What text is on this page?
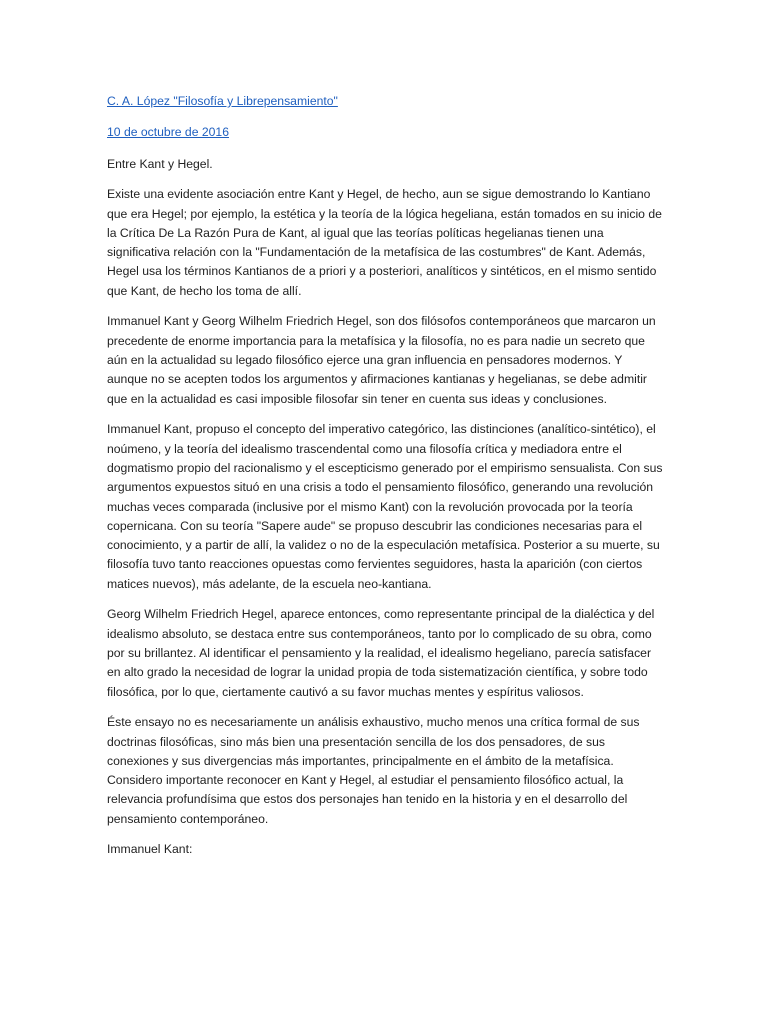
C. A. López "Filosofía y Librepensamiento"
10 de octubre de 2016

Entre Kant y Hegel.

Existe una evidente asociación entre Kant y Hegel, de hecho, aun se sigue demostrando lo Kantiano que era Hegel; por ejemplo, la estética y la teoría de la lógica hegeliana, están tomados en su inicio de la Crítica De La Razón Pura de Kant, al igual que las teorías políticas hegelianas tienen una significativa relación con la "Fundamentación de la metafísica de las costumbres" de Kant. Además, Hegel usa los términos Kantianos de a priori y a posteriori, analíticos y sintéticos, en el mismo sentido que Kant, de hecho los toma de allí.

Immanuel Kant y Georg Wilhelm Friedrich Hegel, son dos filósofos contemporáneos que marcaron un precedente de enorme importancia para la metafísica y la filosofía, no es para nadie un secreto que aún en la actualidad su legado filosófico ejerce una gran influencia en pensadores modernos. Y aunque no se acepten todos los argumentos y afirmaciones kantianas y hegelianas, se debe admitir que en la actualidad es casi imposible filosofar sin tener en cuenta sus ideas y conclusiones.

Immanuel Kant, propuso el concepto del imperativo categórico, las distinciones (analítico-sintético), el noúmeno, y la teoría del idealismo trascendental como una filosofía crítica y mediadora entre el dogmatismo propio del racionalismo y el escepticismo generado por el empirismo sensualista. Con sus argumentos expuestos situó en una crisis a todo el pensamiento filosófico, generando una revolución muchas veces comparada (inclusive por el mismo Kant) con la revolución provocada por la teoría copernicana. Con su teoría "Sapere aude" se propuso descubrir las condiciones necesarias para el conocimiento, y a partir de allí, la validez o no de la especulación metafísica. Posterior a su muerte, su filosofía tuvo tanto reacciones opuestas como fervientes seguidores, hasta la aparición (con ciertos matices nuevos), más adelante, de la escuela neo-kantiana.

Georg Wilhelm Friedrich Hegel, aparece entonces, como representante principal de la dialéctica y del idealismo absoluto, se destaca entre sus contemporáneos, tanto por lo complicado de su obra, como por su brillantez. Al identificar el pensamiento y la realidad, el idealismo hegeliano, parecía satisfacer en alto grado la necesidad de lograr la unidad propia de toda sistematización científica, y sobre todo filosófica, por lo que, ciertamente cautivó a su favor muchas mentes y espíritus valiosos.

Éste ensayo no es necesariamente un análisis exhaustivo, mucho menos una crítica formal de sus doctrinas filosóficas, sino más bien una presentación sencilla de los dos pensadores, de sus conexiones y sus divergencias más importantes, principalmente en el ámbito de la metafísica. Considero importante reconocer en Kant y Hegel, al estudiar el pensamiento filosófico actual, la relevancia profundísima que estos dos personajes han tenido en la historia y en el desarrollo del pensamiento contemporáneo.

Immanuel Kant:
